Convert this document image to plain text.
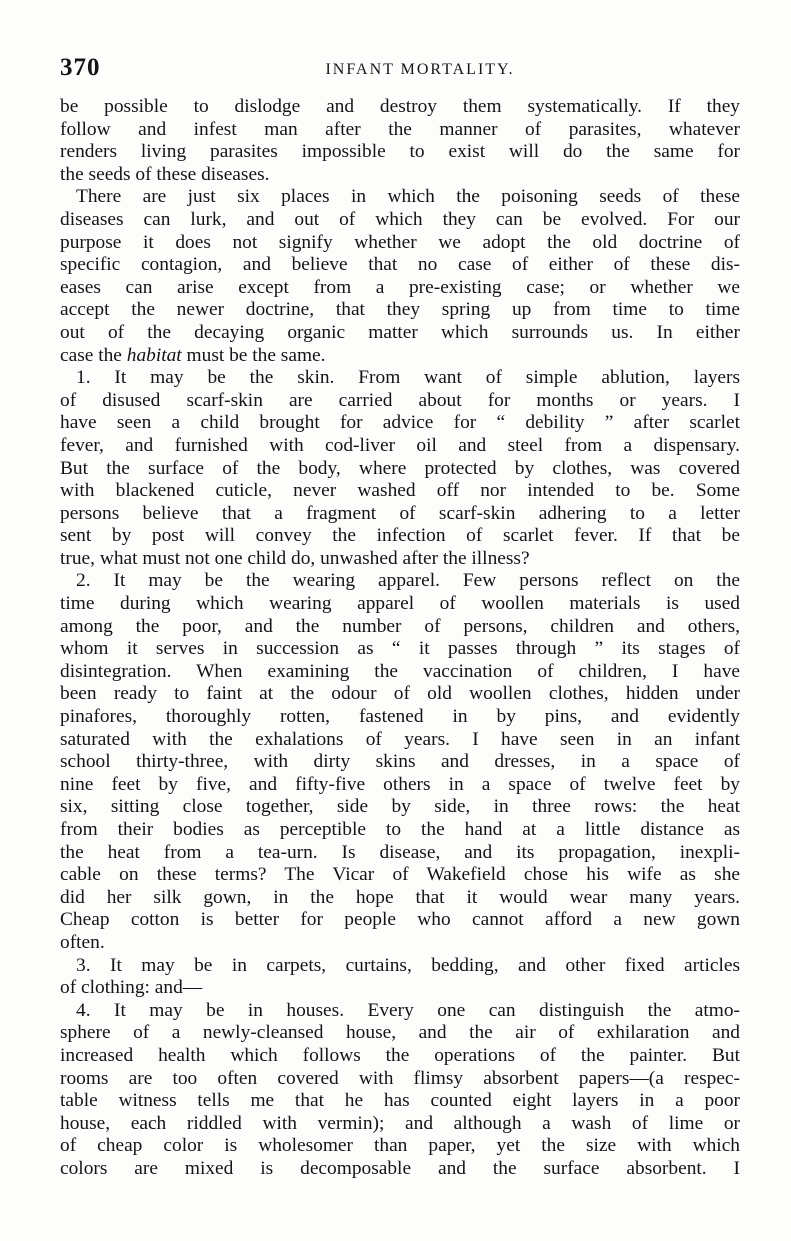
370	INFANT MORTALITY.
be possible to dislodge and destroy them systematically. If they
follow and infest man after the manner of parasites, whatever
renders living parasites impossible to exist will do the same for
the seeds of these diseases.
There are just six places in which the poisoning seeds of these
diseases can lurk, and out of which they can be evolved. For our
purpose it does not signify whether we adopt the old doctrine of
specific contagion, and believe that no case of either of these dis-
eases can arise except from a pre-existing case; or whether we
accept the newer doctrine, that they spring up from time to time
out of the decaying organic matter which surrounds us. In either
case the habitat must be the same.
1. It may be the skin. From want of simple ablution, layers
of disused scarf-skin are carried about for months or years. I
have seen a child brought for advice for “ debility ” after scarlet
fever, and furnished with cod-liver oil and steel from a dispensary.
But the surface of the body, where protected by clothes, was covered
with blackened cuticle, never washed off nor intended to be. Some
persons believe that a fragment of scarf-skin adhering to a letter
sent by post will convey the infection of scarlet fever. If that be
true, what must not one child do, unwashed after the illness?
2. It may be the wearing apparel. Few persons reflect on the
time during which wearing apparel of woollen materials is used
among the poor, and the number of persons, children and others,
whom it serves in succession as “ it passes through ” its stages of
disintegration. When examining the vaccination of children, I have
been ready to faint at the odour of old woollen clothes, hidden under
pinafores, thoroughly rotten, fastened in by pins, and evidently
saturated with the exhalations of years. I have seen in an infant
school thirty-three, with dirty skins and dresses, in a space of
nine feet by five, and fifty-five others in a space of twelve feet by
six, sitting close together, side by side, in three rows: the heat
from their bodies as perceptible to the hand at a little distance as
the heat from a tea-urn. Is disease, and its propagation, inexpli-
cable on these terms? The Vicar of Wakefield chose his wife as she
did her silk gown, in the hope that it would wear many years.
Cheap cotton is better for people who cannot afford a new gown
often.
3. It may be in carpets, curtains, bedding, and other fixed articles
of clothing: and—
4. It may be in houses. Every one can distinguish the atmo-
sphere of a newly-cleansed house, and the air of exhilaration and
increased health which follows the operations of the painter. But
rooms are too often covered with flimsy absorbent papers—(a respec-
table witness tells me that he has counted eight layers in a poor
house, each riddled with vermin); and although a wash of lime or
of cheap color is wholesomer than paper, yet the size with which
colors are mixed is decomposable and the surface absorbent. I
